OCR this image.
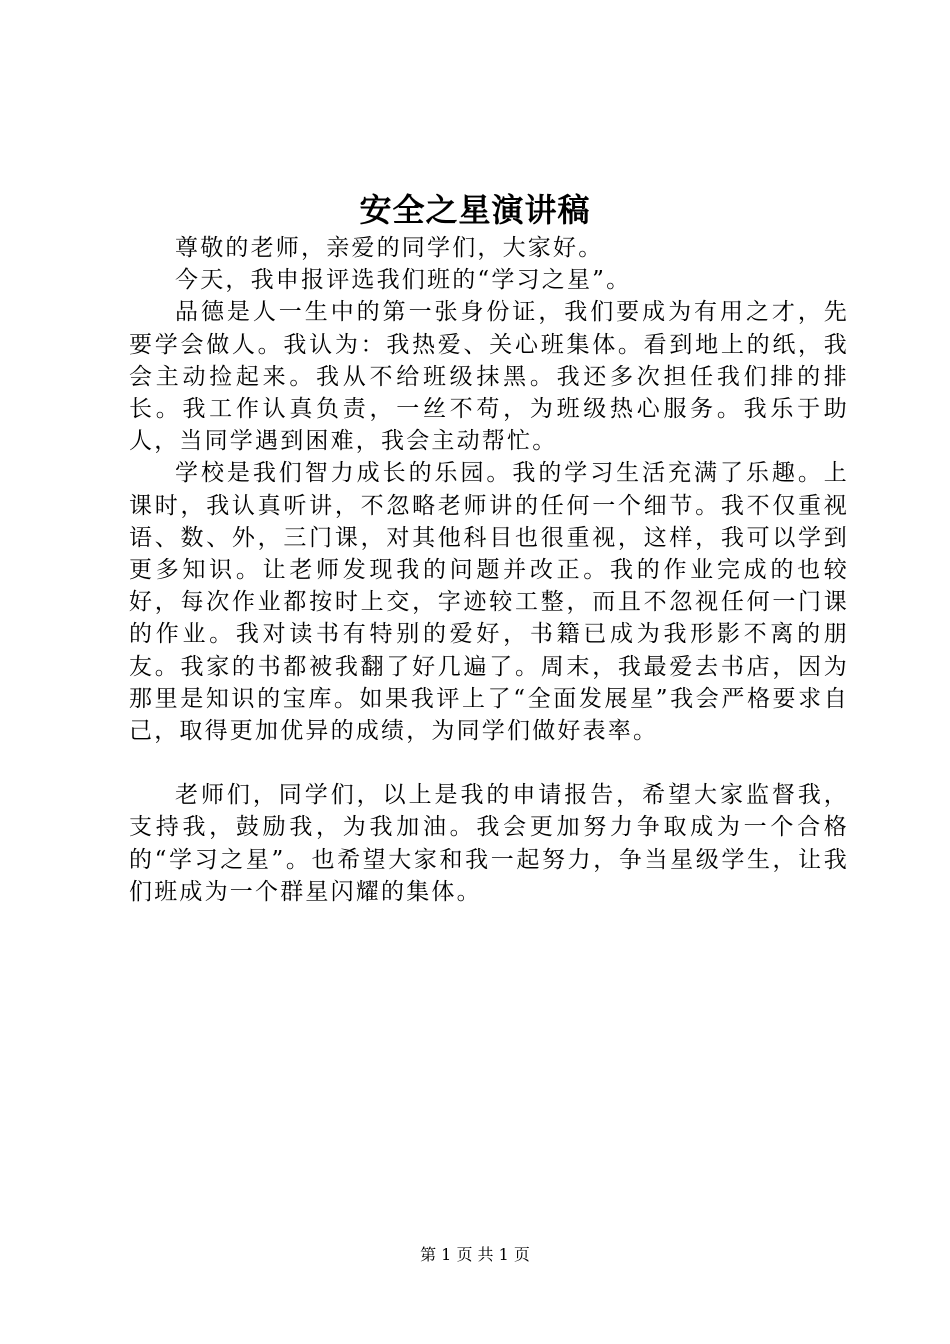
安全之星演讲稿

尊敬的老师，亲爱的同学们，大家好。

今天，我申报评选我们班的“学习之星”。

品德是人一生中的第一张身份证，我们要成为有用之才，先要学会做人。我认为：我热爱、关心班集体。看到地上的纸，我会主动捡起来。我从不给班级抹黑。我还多次担任我们排的排长。我工作认真负责，一丝不苟，为班级热心服务。我乐于助人，当同学遇到困难，我会主动帮忙。

学校是我们智力成长的乐园。我的学习生活充满了乐趣。上课时，我认真听讲，不忽略老师讲的任何一个细节。我不仅重视语、数、外，三门课，对其他科目也很重视，这样，我可以学到更多知识。让老师发现我的问题并改正。我的作业完成的也较好，每次作业都按时上交，字迹较工整，而且不忽视任何一门课的作业。我对读书有特别的爱好，书籍已成为我形影不离的朋友。我家的书都被我翻了好几遍了。周末，我最爱去书店，因为那里是知识的宝库。如果我评上了“全面发展星”我会严格要求自己，取得更加优异的成绩，为同学们做好表率。

老师们，同学们，以上是我的申请报告，希望大家监督我，支持我，鼓励我，为我加油。我会更加努力争取成为一个合格的“学习之星”。也希望大家和我一起努力，争当星级学生，让我们班成为一个群星闪耀的集体。

第 1 页 共 1 页
